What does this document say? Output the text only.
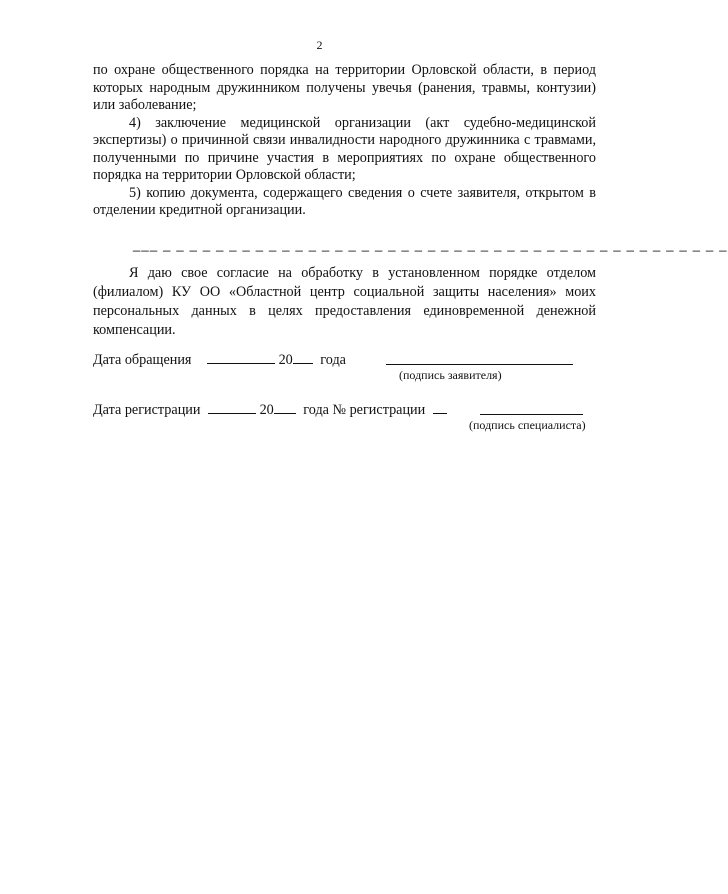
2

по охране общественного порядка на территории Орловской области, в период которых народным дружинником получены увечья (ранения, травмы, контузии) или заболевание;

4) заключение медицинской организации (акт судебно-медицинской экспертизы) о причинной связи инвалидности народного дружинника с травмами, полученными по причине участия в мероприятиях по охране общественного порядка на территории Орловской области;

5) копию документа, содержащего сведения о счете заявителя, открытом в отделении кредитной организации.

___ _ _ _ _ _ _ _ _ _ _ _ _ _ _ _ _ _ _ _ _ _ _ _ _ _ _ _ _ _ _ _ _ _ _ _ _ _ _ _ _ _ _ _

Я даю свое согласие на обработку в установленном порядке отделом (филиалом) КУ ОО «Областной центр социальной защиты населения» моих персональных данных в целях предоставления единовременной денежной компенсации.

Дата обращения	20 года
(подпись заявителя)
Дата регистрации	20 года № регистрации
(подпись специалиста)
